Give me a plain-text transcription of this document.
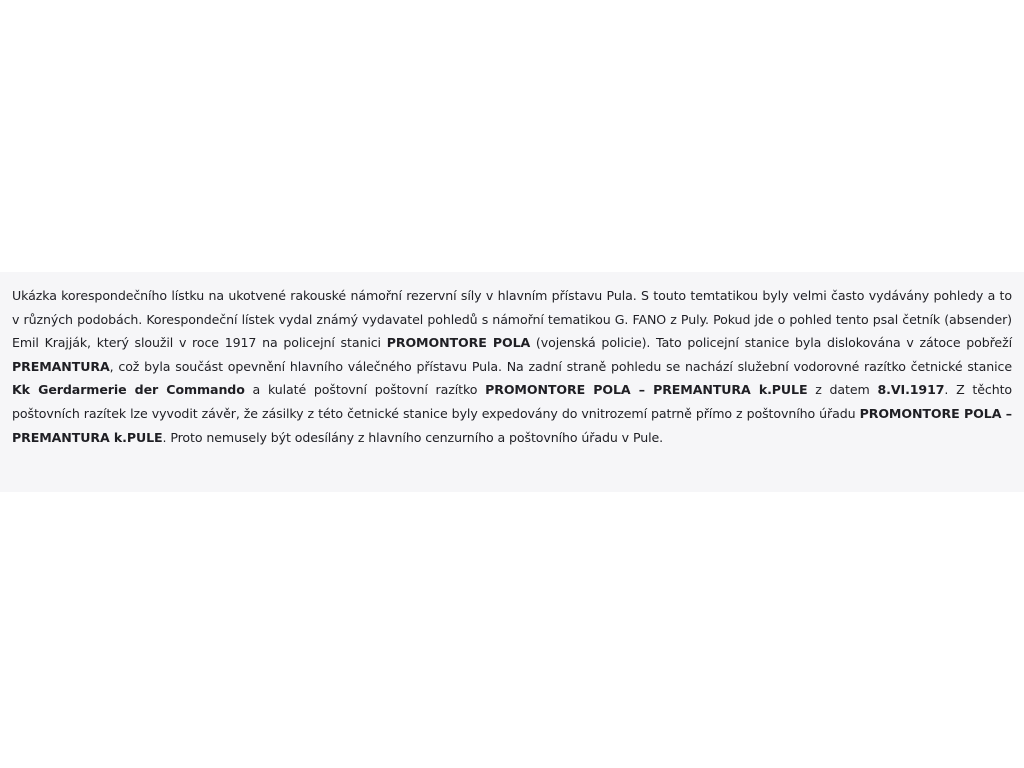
Ukázka korespondečního lístku na ukotvené rakouské námořní rezervní síly v hlavním přístavu Pula. S touto temtatikou byly velmi často vydávány pohledy a to v různých podobách. Korespondeční lístek vydal známý vydavatel pohledů s námořní tematikou G. FANO z Puly. Pokud jde o pohled tento psal četník (absender) Emil Krajják, který sloužil v roce 1917 na policejní stanici PROMONTORE POLA (vojenská policie). Tato policejní stanice byla dislokována v zátoce pobřeží PREMANTURA, což byla součást opevnění hlavního válečného přístavu Pula. Na zadní straně pohledu se nachází služební vodorovné razítko četnické stanice Kk Gerdarmerie der Commando a kulaté poštovní poštovní razítko PROMONTORE POLA – PREMANTURA k.PULE z datem 8.VI.1917. Z těchto poštovních razítek lze vyvodit závěr, že zásilky z této četnické stanice byly expedovány do vnitrozemí patrně přímo z poštovního úřadu PROMONTORE POLA – PREMANTURA k.PULE. Proto nemusely být odesílány z hlavního cenzurního a poštovního úřadu v Pule.
